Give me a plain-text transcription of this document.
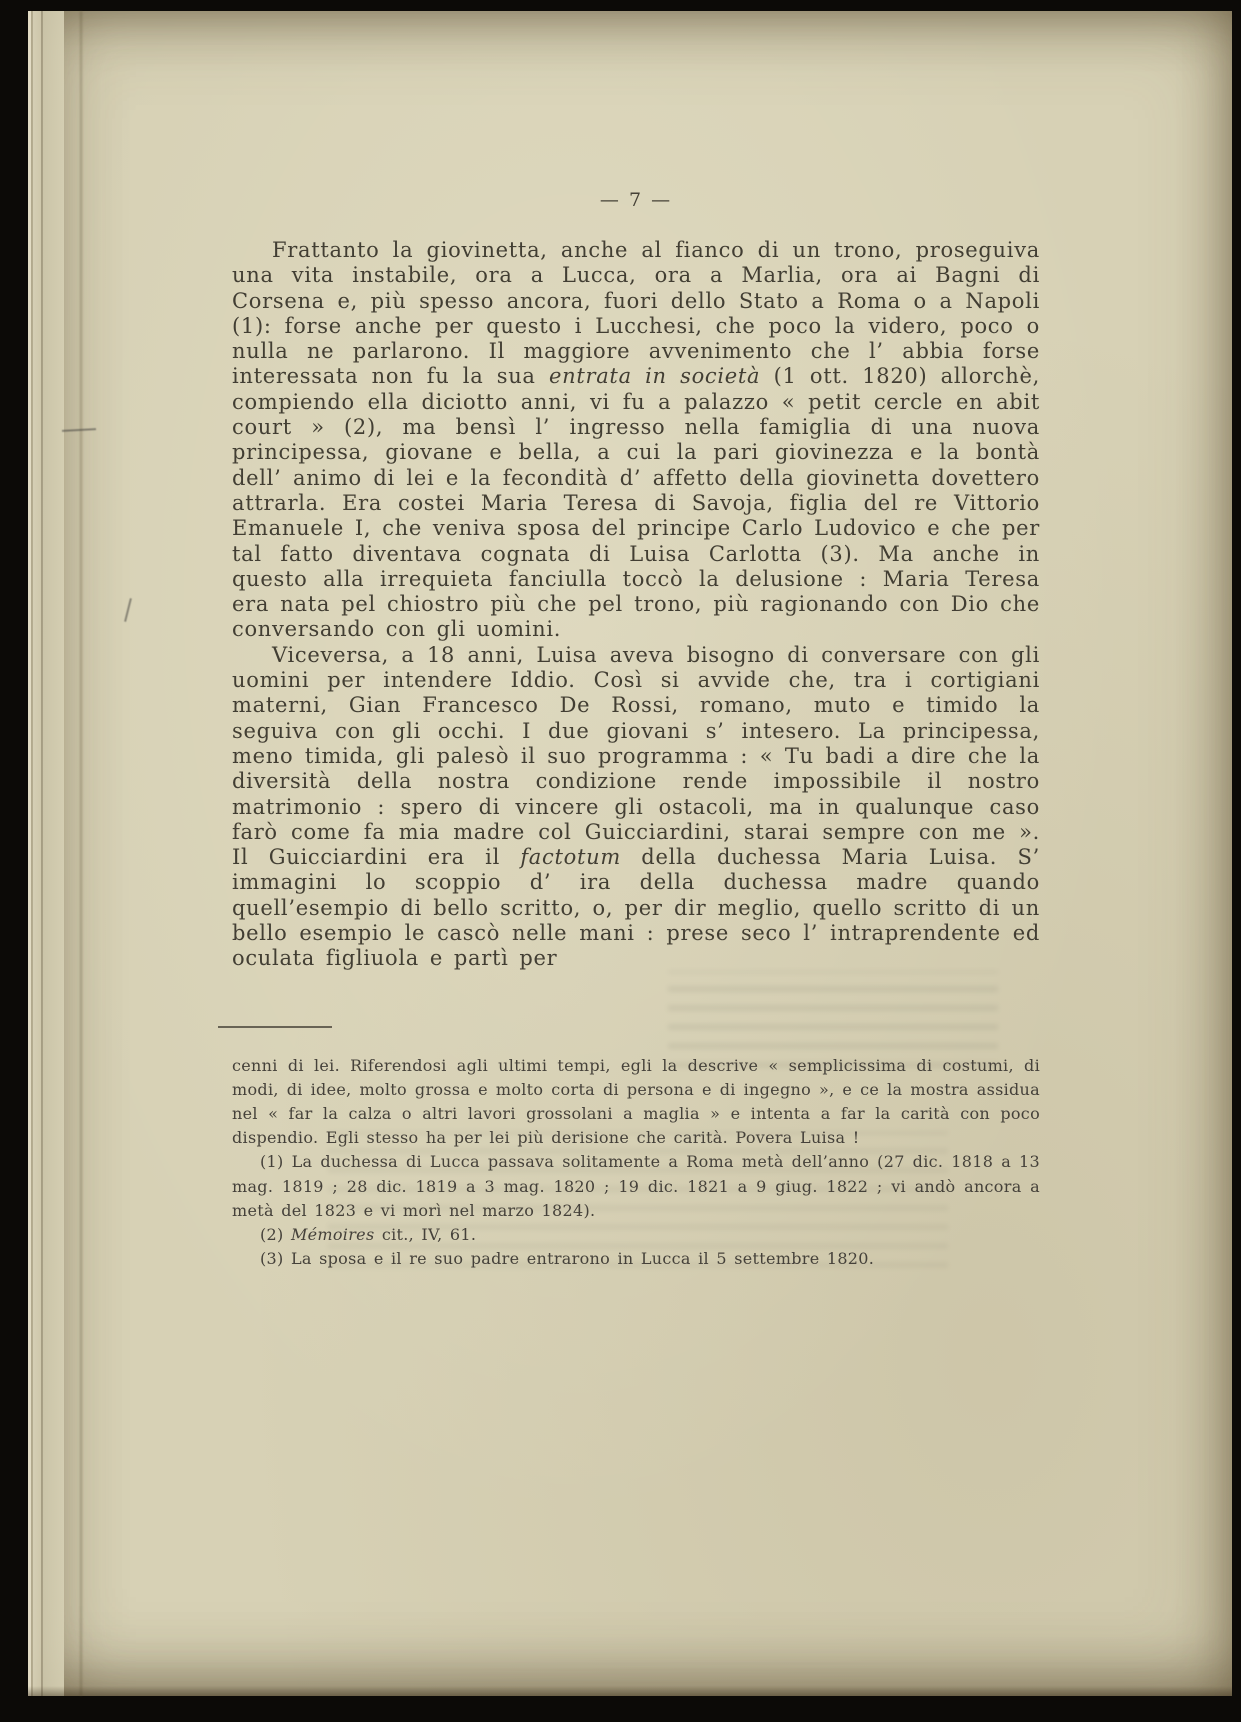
— 7 —

Frattanto la giovinetta, anche al fianco di un trono, proseguiva una vita instabile, ora a Lucca, ora a Marlia, ora ai Bagni di Corsena e, più spesso ancora, fuori dello Stato a Roma o a Napoli (1): forse anche per questo i Lucchesi, che poco la videro, poco o nulla ne parlarono. Il maggiore avvenimento che l’ abbia forse interessata non fu la sua entrata in società (1 ott. 1820) allorchè, compiendo ella diciotto anni, vi fu a palazzo « petit cercle en abit court » (2), ma bensì l’ ingresso nella famiglia di una nuova principessa, giovane e bella, a cui la pari giovinezza e la bontà dell’ animo di lei e la fecondità d’ affetto della giovinetta dovettero attrarla. Era costei Maria Teresa di Savoja, figlia del re Vittorio Emanuele I, che veniva sposa del principe Carlo Ludovico e che per tal fatto diventava cognata di Luisa Carlotta (3). Ma anche in questo alla irrequieta fanciulla toccò la delusione : Maria Teresa era nata pel chiostro più che pel trono, più ragionando con Dio che conversando con gli uomini.

Viceversa, a 18 anni, Luisa aveva bisogno di conversare con gli uomini per intendere Iddio. Così si avvide che, tra i cortigiani materni, Gian Francesco De Rossi, romano, muto e timido la seguiva con gli occhi. I due giovani s’ intesero. La principessa, meno timida, gli palesò il suo programma : « Tu badi a dire che la diversità della nostra condizione rende impossibile il nostro matrimonio : spero di vincere gli ostacoli, ma in qualunque caso farò come fa mia madre col Guicciardini, starai sempre con me ». Il Guicciardini era il factotum della duchessa Maria Luisa. S’ immagini lo scoppio d’ ira della duchessa madre quando quell’esempio di bello scritto, o, per dir meglio, quello scritto di un bello esempio le cascò nelle mani : prese seco l’ intraprendente ed oculata figliuola e partì per

cenni di lei. Riferendosi agli ultimi tempi, egli la descrive « semplicissima di costumi, di modi, di idee, molto grossa e molto corta di persona e di ingegno », e ce la mostra assidua nel « far la calza o altri lavori grossolani a maglia » e intenta a far la carità con poco dispendio. Egli stesso ha per lei più derisione che carità. Povera Luisa !

(1) La duchessa di Lucca passava solitamente a Roma metà dell’anno (27 dic. 1818 a 13 mag. 1819 ; 28 dic. 1819 a 3 mag. 1820 ; 19 dic. 1821 a 9 giug. 1822 ; vi andò ancora a metà del 1823 e vi morì nel marzo 1824).

(2) Mémoires cit., IV, 61.

(3) La sposa e il re suo padre entrarono in Lucca il 5 settembre 1820.
